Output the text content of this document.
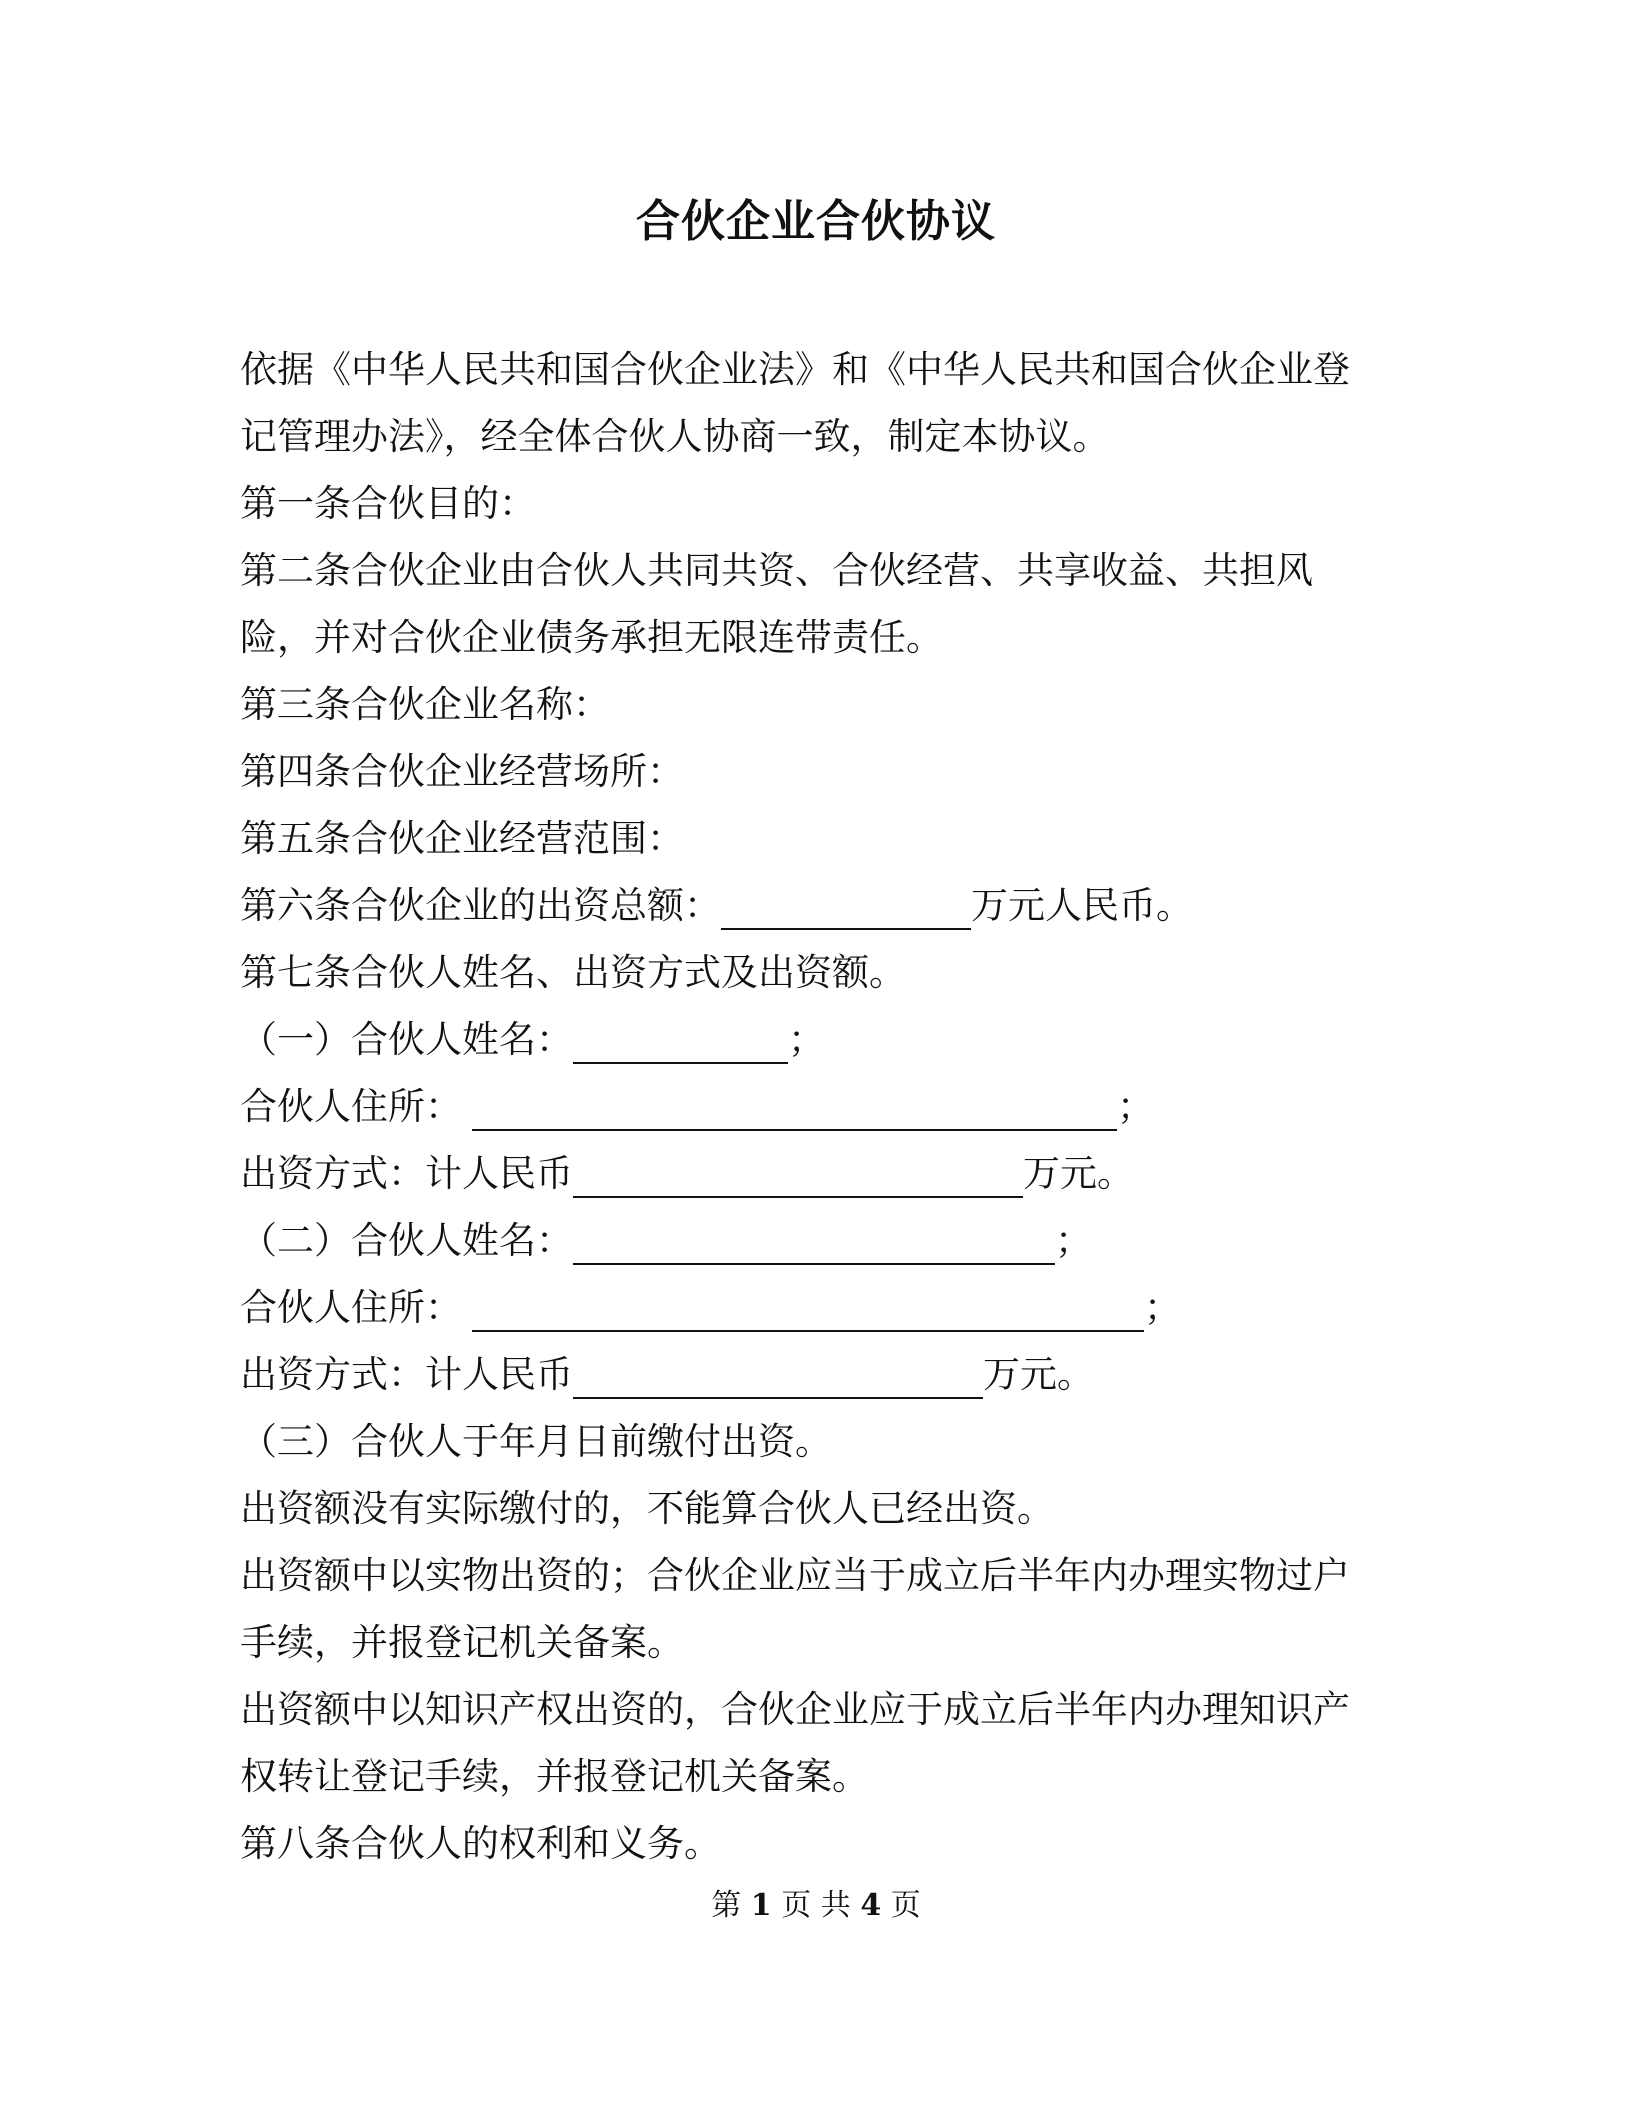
合伙企业合伙协议
依据《中华人民共和国合伙企业法》和《中华人民共和国合伙企业登
记管理办法》，经全体合伙人协商一致，制定本协议。
第一条合伙目的：
第二条合伙企业由合伙人共同共资、合伙经营、共享收益、共担风
险，并对合伙企业债务承担无限连带责任。
第三条合伙企业名称：
第四条合伙企业经营场所：
第五条合伙企业经营范围：
第六条合伙企业的出资总额：	万元人民币。
第七条合伙人姓名、出资方式及出资额。
（一）合伙人姓名：	；
合伙人住所：	；
出资方式：计人民币	万元。
（二）合伙人姓名：	；
合伙人住所：	；
出资方式：计人民币	万元。
（三）合伙人于年月日前缴付出资。
出资额没有实际缴付的，不能算合伙人已经出资。
出资额中以实物出资的；合伙企业应当于成立后半年内办理实物过户
手续，并报登记机关备案。
出资额中以知识产权出资的，合伙企业应于成立后半年内办理知识产
权转让登记手续，并报登记机关备案。
第八条合伙人的权利和义务。
第 1 页 共 4 页
